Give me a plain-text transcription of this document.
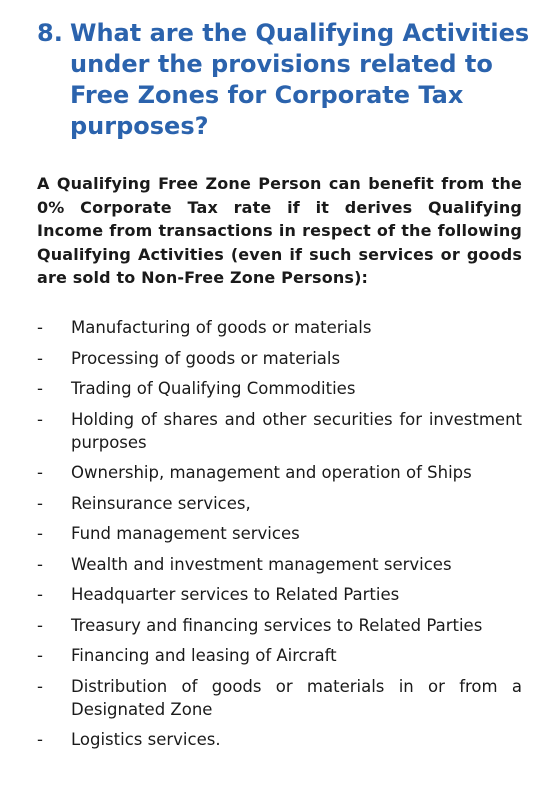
8. What are the Qualifying Activities under the provisions related to Free Zones for Corporate Tax purposes?

A Qualifying Free Zone Person can benefit from the 0% Corporate Tax rate if it derives Qualifying Income from transactions in respect of the following Qualifying Activities (even if such services or goods are sold to Non-Free Zone Persons):

-	Manufacturing of goods or materials
-	Processing of goods or materials
-	Trading of Qualifying Commodities
-	Holding of shares and other securities for investment purposes
-	Ownership, management and operation of Ships
-	Reinsurance services,
-	Fund management services
-	Wealth and investment management services
-	Headquarter services to Related Parties
-	Treasury and financing services to Related Parties
-	Financing and leasing of Aircraft
-	Distribution of goods or materials in or from a Designated Zone
-	Logistics services.
